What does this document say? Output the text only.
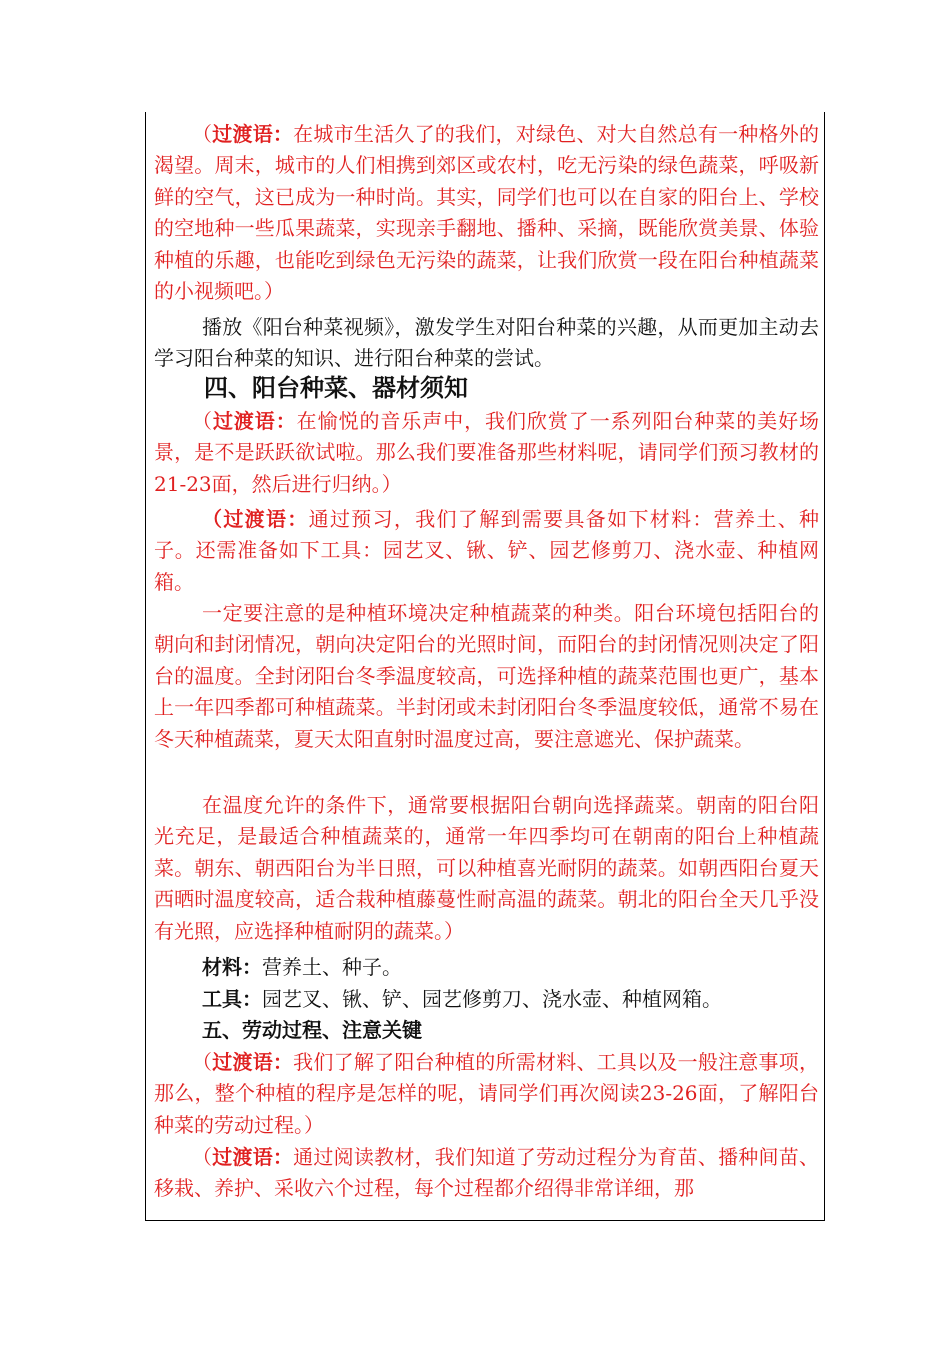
（过渡语：在城市生活久了的我们，对绿色、对大自然总有一种格外的渴望。周末，城市的人们相携到郊区或农村，吃无污染的绿色蔬菜，呼吸新鲜的空气，这已成为一种时尚。其实，同学们也可以在自家的阳台上、学校的空地种一些瓜果蔬菜，实现亲手翻地、播种、采摘，既能欣赏美景、体验种植的乐趣，也能吃到绿色无污染的蔬菜，让我们欣赏一段在阳台种植蔬菜的小视频吧。）

播放《阳台种菜视频》，激发学生对阳台种菜的兴趣，从而更加主动去学习阳台种菜的知识、进行阳台种菜的尝试。

四、阳台种菜、器材须知

（过渡语：在愉悦的音乐声中，我们欣赏了一系列阳台种菜的美好场景，是不是跃跃欲试啦。那么我们要准备那些材料呢，请同学们预习教材的21-23面，然后进行归纳。）

（过渡语：通过预习，我们了解到需要具备如下材料：营养土、种子。还需准备如下工具：园艺叉、锹、铲、园艺修剪刀、浇水壶、种植网箱。

一定要注意的是种植环境决定种植蔬菜的种类。阳台环境包括阳台的朝向和封闭情况，朝向决定阳台的光照时间，而阳台的封闭情况则决定了阳台的温度。全封闭阳台冬季温度较高，可选择种植的蔬菜范围也更广，基本上一年四季都可种植蔬菜。半封闭或未封闭阳台冬季温度较低，通常不易在冬天种植蔬菜，夏天太阳直射时温度过高，要注意遮光、保护蔬菜。

在温度允许的条件下，通常要根据阳台朝向选择蔬菜。朝南的阳台阳光充足，是最适合种植蔬菜的，通常一年四季均可在朝南的阳台上种植蔬菜。朝东、朝西阳台为半日照，可以种植喜光耐阴的蔬菜。如朝西阳台夏天西晒时温度较高，适合栽种植藤蔓性耐高温的蔬菜。朝北的阳台全天几乎没有光照，应选择种植耐阴的蔬菜。）

材料：营养土、种子。

工具：园艺叉、锹、铲、园艺修剪刀、浇水壶、种植网箱。

五、劳动过程、注意关键

（过渡语：我们了解了阳台种植的所需材料、工具以及一般注意事项，那么，整个种植的程序是怎样的呢，请同学们再次阅读23-26面，了解阳台种菜的劳动过程。）

（过渡语：通过阅读教材，我们知道了劳动过程分为育苗、播种间苗、移栽、养护、采收六个过程，每个过程都介绍得非常详细，那
